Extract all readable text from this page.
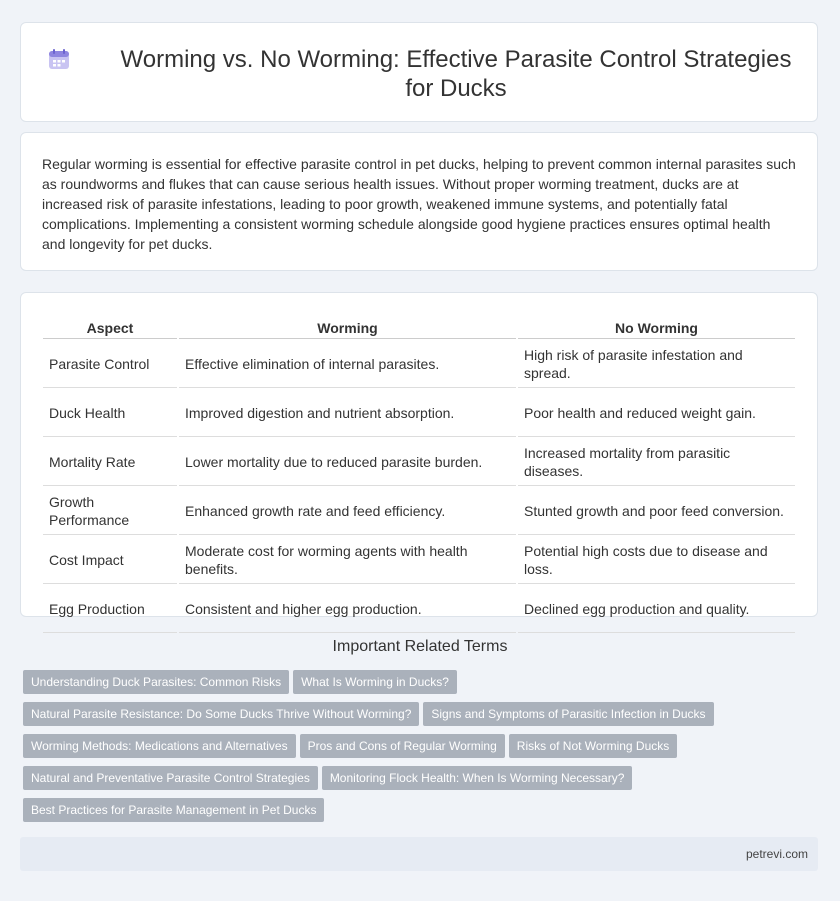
Worming vs. No Worming: Effective Parasite Control Strategies for Ducks

Regular worming is essential for effective parasite control in pet ducks, helping to prevent common internal parasites such as roundworms and flukes that can cause serious health issues. Without proper worming treatment, ducks are at increased risk of parasite infestations, leading to poor growth, weakened immune systems, and potentially fatal complications. Implementing a consistent worming schedule alongside good hygiene practices ensures optimal health and longevity for pet ducks.

Aspect	Worming	No Worming
Parasite Control	Effective elimination of internal parasites.	High risk of parasite infestation and spread.
Duck Health	Improved digestion and nutrient absorption.	Poor health and reduced weight gain.
Mortality Rate	Lower mortality due to reduced parasite burden.	Increased mortality from parasitic diseases.
Growth Performance	Enhanced growth rate and feed efficiency.	Stunted growth and poor feed conversion.
Cost Impact	Moderate cost for worming agents with health benefits.	Potential high costs due to disease and loss.
Egg Production	Consistent and higher egg production.	Declined egg production and quality.
Important Related Terms
Understanding Duck Parasites: Common Risks What Is Worming in Ducks?
Natural Parasite Resistance: Do Some Ducks Thrive Without Worming? Signs and Symptoms of Parasitic Infection in Ducks
Worming Methods: Medications and Alternatives Pros and Cons of Regular Worming Risks of Not Worming Ducks
Natural and Preventative Parasite Control Strategies Monitoring Flock Health: When Is Worming Necessary?
Best Practices for Parasite Management in Pet Ducks
petrevi.com
